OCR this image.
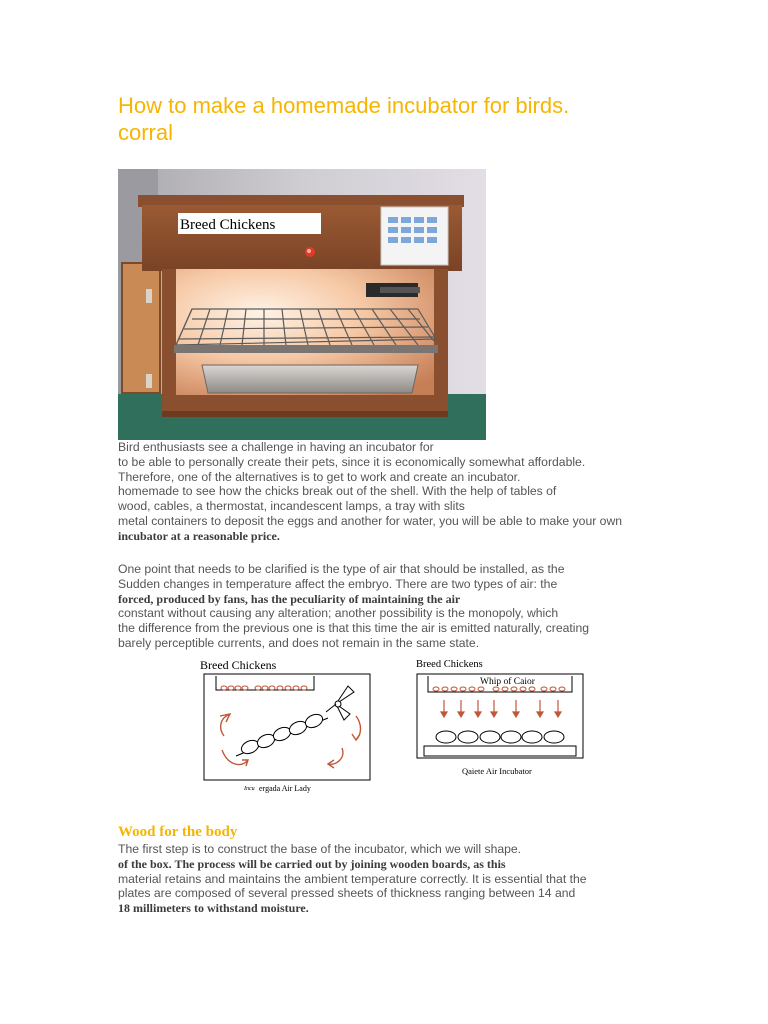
How to make a homemade incubator for birds.
corral
Breed Chickens
Bird enthusiasts see a challenge in having an incubator for
to be able to personally create their pets, since it is economically somewhat affordable.
Therefore, one of the alternatives is to get to work and create an incubator.
homemade to see how the chicks break out of the shell. With the help of tables of
wood, cables, a thermostat, incandescent lamps, a tray with slits
metal containers to deposit the eggs and another for water, you will be able to make your own
incubator at a reasonable price.
One point that needs to be clarified is the type of air that should be installed, as the
Sudden changes in temperature affect the embryo. There are two types of air: the
forced, produced by fans, has the peculiarity of maintaining the air
constant without causing any alteration; another possibility is the monopoly, which
the difference from the previous one is that this time the air is emitted naturally, creating
barely perceptible currents, and does not remain in the same state.
Breed Chickens
Incu ergada Air Lady
Breed Chickens
Whip of Caior
Qaiete Air Incubator
Wood for the body
The first step is to construct the base of the incubator, which we will shape.
of the box. The process will be carried out by joining wooden boards, as this
material retains and maintains the ambient temperature correctly. It is essential that the
plates are composed of several pressed sheets of thickness ranging between 14 and
18 millimeters to withstand moisture.
